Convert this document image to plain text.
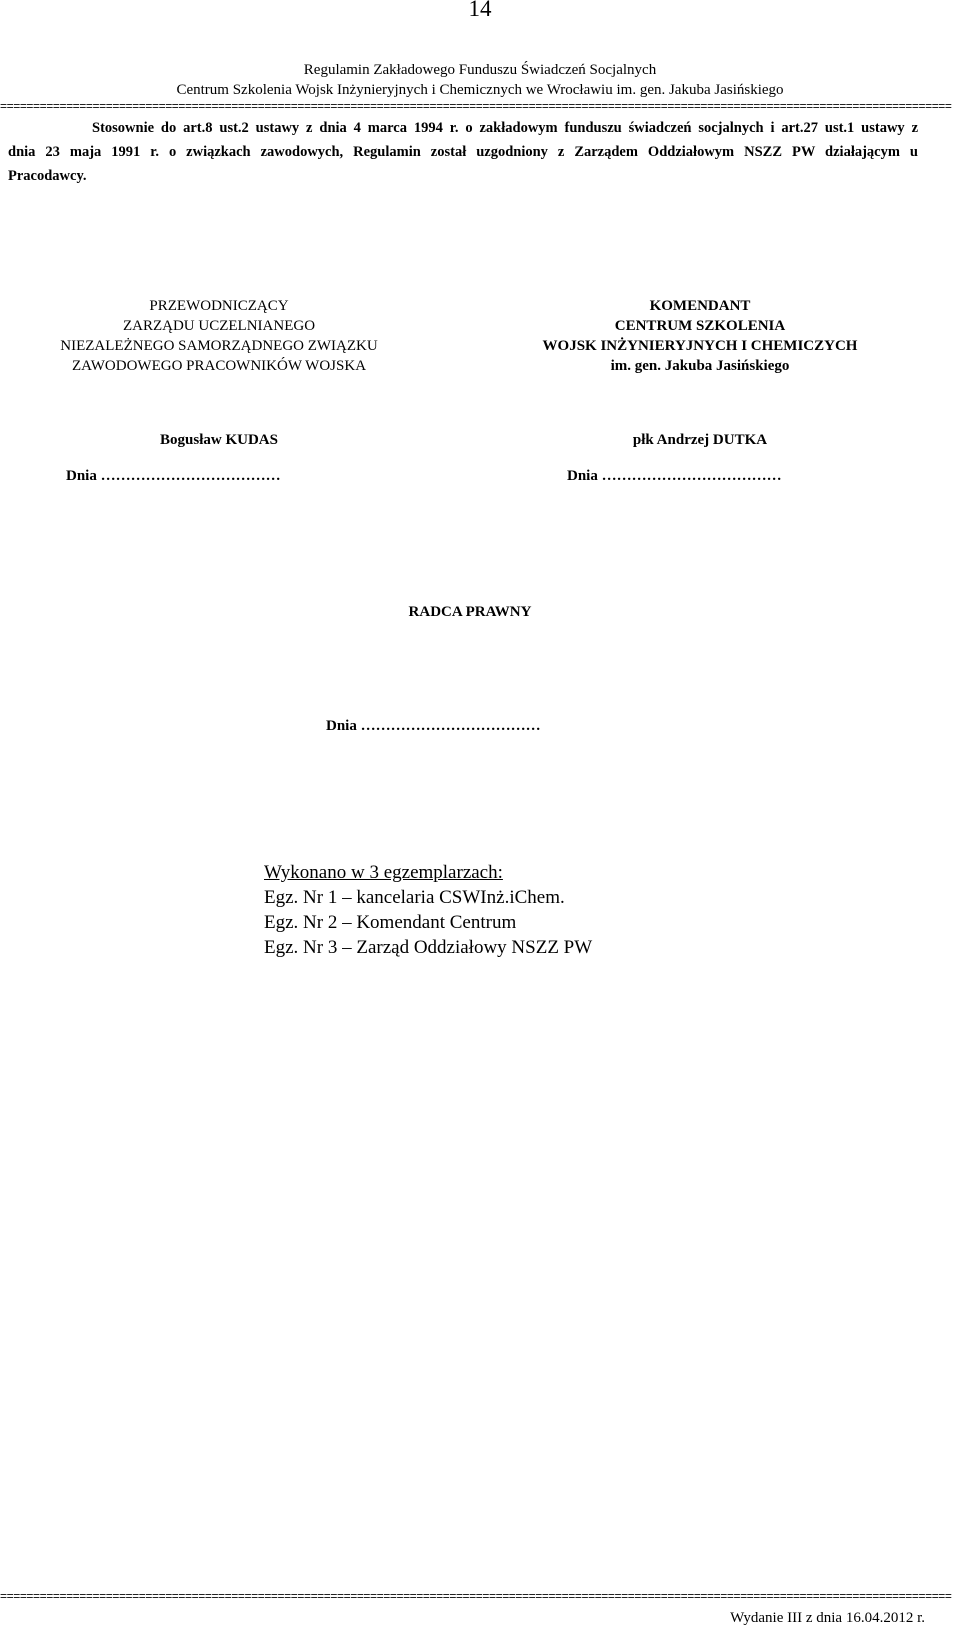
14
Regulamin Zakładowego Funduszu Świadczeń Socjalnych
Centrum Szkolenia Wojsk Inżynieryjnych i Chemicznych we Wrocławiu im. gen. Jakuba Jasińskiego
================================================================================================================================================
Stosownie do art.8 ust.2 ustawy z dnia 4 marca 1994 r. o zakładowym funduszu świadczeń socjalnych i art.27 ust.1 ustawy z dnia 23 maja 1991 r. o związkach zawodowych, Regulamin został uzgodniony z Zarządem Oddziałowym NSZZ PW działającym u Pracodawcy.
PRZEWODNICZĄCY
ZARZĄDU UCZELNIANEGO
NIEZALEŻNEGO SAMORZĄDNEGO ZWIĄZKU
ZAWODOWEGO PRACOWNIKÓW WOJSKA
Bogusław KUDAS
Dnia ………………………………
KOMENDANT
CENTRUM SZKOLENIA
WOJSK INŻYNIERYJNYCH I CHEMICZYCH
im. gen. Jakuba Jasińskiego
płk Andrzej DUTKA
Dnia ………………………………
RADCA PRAWNY
Dnia ………………………………
Wykonano w 3 egzemplarzach:
Egz. Nr 1 – kancelaria CSWInż.iChem.
Egz. Nr 2 – Komendant Centrum
Egz. Nr 3 – Zarząd Oddziałowy NSZZ PW
================================================================================================================================================
Wydanie III z dnia 16.04.2012 r.
